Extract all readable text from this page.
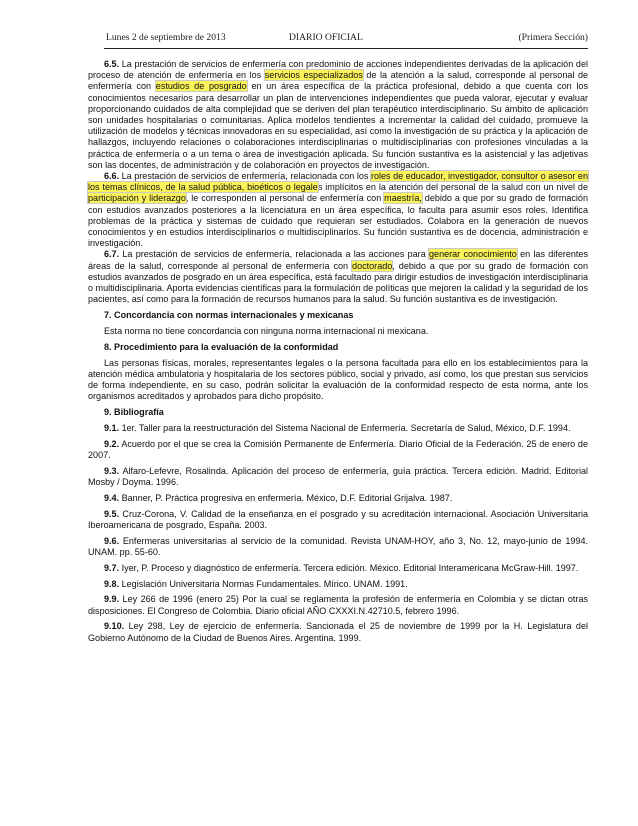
Lunes 2 de septiembre de 2013	DIARIO OFICIAL	(Primera Sección)

6.5. La prestación de servicios de enfermería con predominio de acciones independientes derivadas de la aplicación del proceso de atención de enfermería en los servicios especializados de la atención a la salud, corresponde al personal de enfermería con estudios de posgrado en un área específica de la práctica profesional, debido a que cuenta con los conocimientos necesarios para desarrollar un plan de intervenciones independientes que pueda valorar, ejecutar y evaluar proporcionando cuidados de alta complejidad que se deriven del plan terapéutico interdisciplinario. Su ámbito de aplicación son unidades hospitalarias o comunitarias. Aplica modelos tendientes a incrementar la calidad del cuidado, promueve la utilización de modelos y técnicas innovadoras en su especialidad, así como la investigación de su práctica y la aplicación de hallazgos, incluyendo relaciones o colaboraciones interdisciplinarias o multidisciplinarias con profesiones vinculadas a la práctica de enfermería o a un tema o área de investigación aplicada. Su función sustantiva es la asistencial y las adjetivas son las docentes, de administración y de colaboración en proyectos de investigación.

6.6. La prestación de servicios de enfermería, relacionada con los roles de educador, investigador, consultor o asesor en los temas clínicos, de la salud pública, bioéticos o legales implícitos en la atención del personal de la salud con un nivel de participación y liderazgo, le corresponden al personal de enfermería con maestría, debido a que por su grado de formación con estudios avanzados posteriores a la licenciatura en un área específica, lo faculta para asumir esos roles. Identifica problemas de la práctica y sistemas de cuidado que requieran ser estudiados. Colabora en la generación de nuevos conocimientos y en estudios interdisciplinarios o multidisciplinarios. Su función sustantiva es de docencia, administración e investigación.

6.7. La prestación de servicios de enfermería, relacionada a las acciones para generar conocimiento en las diferentes áreas de la salud, corresponde al personal de enfermería con doctorado, debido a que por su grado de formación con estudios avanzados de posgrado en un área específica, está facultado para dirigir estudios de investigación interdisciplinaria o multidisciplinaria. Aporta evidencias científicas para la formulación de políticas que mejoren la calidad y la seguridad de los pacientes, así como para la formación de recursos humanos para la salud. Su función sustantiva es de investigación.

7. Concordancia con normas internacionales y mexicanas

Esta norma no tiene concordancia con ninguna norma internacional ni mexicana.

8. Procedimiento para la evaluación de la conformidad

Las personas físicas, morales, representantes legales o la persona facultada para ello en los establecimientos para la atención médica ambulatoria y hospitalaria de los sectores público, social y privado, así como, los que prestan sus servicios de forma independiente, en su caso, podrán solicitar la evaluación de la conformidad respecto de esta norma, ante los organismos acreditados y aprobados para dicho propósito.

9. Bibliografía

9.1. 1er. Taller para la reestructuración del Sistema Nacional de Enfermería. Secretaría de Salud, México, D.F. 1994.

9.2. Acuerdo por el que se crea la Comisión Permanente de Enfermería. Diario Oficial de la Federación. 25 de enero de 2007.

9.3. Alfaro-Lefevre, Rosalinda. Aplicación del proceso de enfermería, guía práctica. Tercera edición. Madrid. Editorial Mosby / Doyma. 1996.

9.4. Banner, P. Práctica progresiva en enfermería. México, D.F. Editorial Grijalva. 1987.

9.5. Cruz-Corona, V. Calidad de la enseñanza en el posgrado y su acreditación internacional. Asociación Universitaria Iberoamericana de posgrado, España. 2003.

9.6. Enfermeras universitarias al servicio de la comunidad. Revista UNAM-HOY, año 3, No. 12, mayo-junio de 1994. UNAM. pp. 55-60.

9.7. Iyer, P. Proceso y diagnóstico de enfermería. Tercera edición. México. Editorial Interamericana McGraw-Hill. 1997.

9.8. Legislación Universitaria Normas Fundamentales. Mírico. UNAM. 1991.

9.9. Ley 266 de 1996 (enero 25) Por la cual se reglamenta la profesión de enfermería en Colombia y se dictan otras disposiciones. El Congreso de Colombia. Diario oficial AÑO CXXXI.N.42710.5, febrero 1996.

9.10. Ley 298, Ley de ejercicio de enfermería. Sancionada el 25 de noviembre de 1999 por la H. Legislatura del Gobierno Autónomo de la Ciudad de Buenos Aires. Argentina. 1999.
